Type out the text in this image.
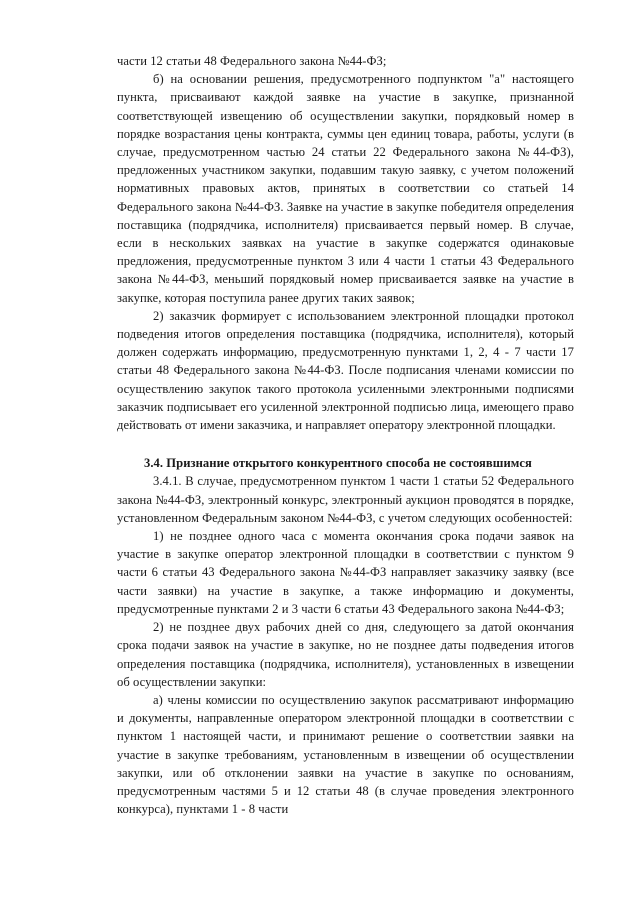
части 12 статьи 48 Федерального закона №44-ФЗ;

б) на основании решения, предусмотренного подпунктом "а" настоящего пункта, присваивают каждой заявке на участие в закупке, признанной соответствующей извещению об осуществлении закупки, порядковый номер в порядке возрастания цены контракта, суммы цен единиц товара, работы, услуги (в случае, предусмотренном частью 24 статьи 22 Федерального закона №44-ФЗ), предложенных участником закупки, подавшим такую заявку, с учетом положений нормативных правовых актов, принятых в соответствии со статьей 14 Федерального закона №44-ФЗ. Заявке на участие в закупке победителя определения поставщика (подрядчика, исполнителя) присваивается первый номер. В случае, если в нескольких заявках на участие в закупке содержатся одинаковые предложения, предусмотренные пунктом 3 или 4 части 1 статьи 43 Федерального закона №44-ФЗ, меньший порядковый номер присваивается заявке на участие в закупке, которая поступила ранее других таких заявок;

2) заказчик формирует с использованием электронной площадки протокол подведения итогов определения поставщика (подрядчика, исполнителя), который должен содержать информацию, предусмотренную пунктами 1, 2, 4 - 7 части 17 статьи 48 Федерального закона №44-ФЗ. После подписания членами комиссии по осуществлению закупок такого протокола усиленными электронными подписями заказчик подписывает его усиленной электронной подписью лица, имеющего право действовать от имени заказчика, и направляет оператору электронной площадки.

3.4. Признание открытого конкурентного способа не состоявшимся

3.4.1. В случае, предусмотренном пунктом 1 части 1 статьи 52 Федерального закона №44-ФЗ, электронный конкурс, электронный аукцион проводятся в порядке, установленном Федеральным законом №44-ФЗ, с учетом следующих особенностей:

1) не позднее одного часа с момента окончания срока подачи заявок на участие в закупке оператор электронной площадки в соответствии с пунктом 9 части 6 статьи 43 Федерального закона №44-ФЗ направляет заказчику заявку (все части заявки) на участие в закупке, а также информацию и документы, предусмотренные пунктами 2 и 3 части 6 статьи 43 Федерального закона №44-ФЗ;

2) не позднее двух рабочих дней со дня, следующего за датой окончания срока подачи заявок на участие в закупке, но не позднее даты подведения итогов определения поставщика (подрядчика, исполнителя), установленных в извещении об осуществлении закупки:

а) члены комиссии по осуществлению закупок рассматривают информацию и документы, направленные оператором электронной площадки в соответствии с пунктом 1 настоящей части, и принимают решение о соответствии заявки на участие в закупке требованиям, установленным в извещении об осуществлении закупки, или об отклонении заявки на участие в закупке по основаниям, предусмотренным частями 5 и 12 статьи 48 (в случае проведения электронного конкурса), пунктами 1 - 8 части
